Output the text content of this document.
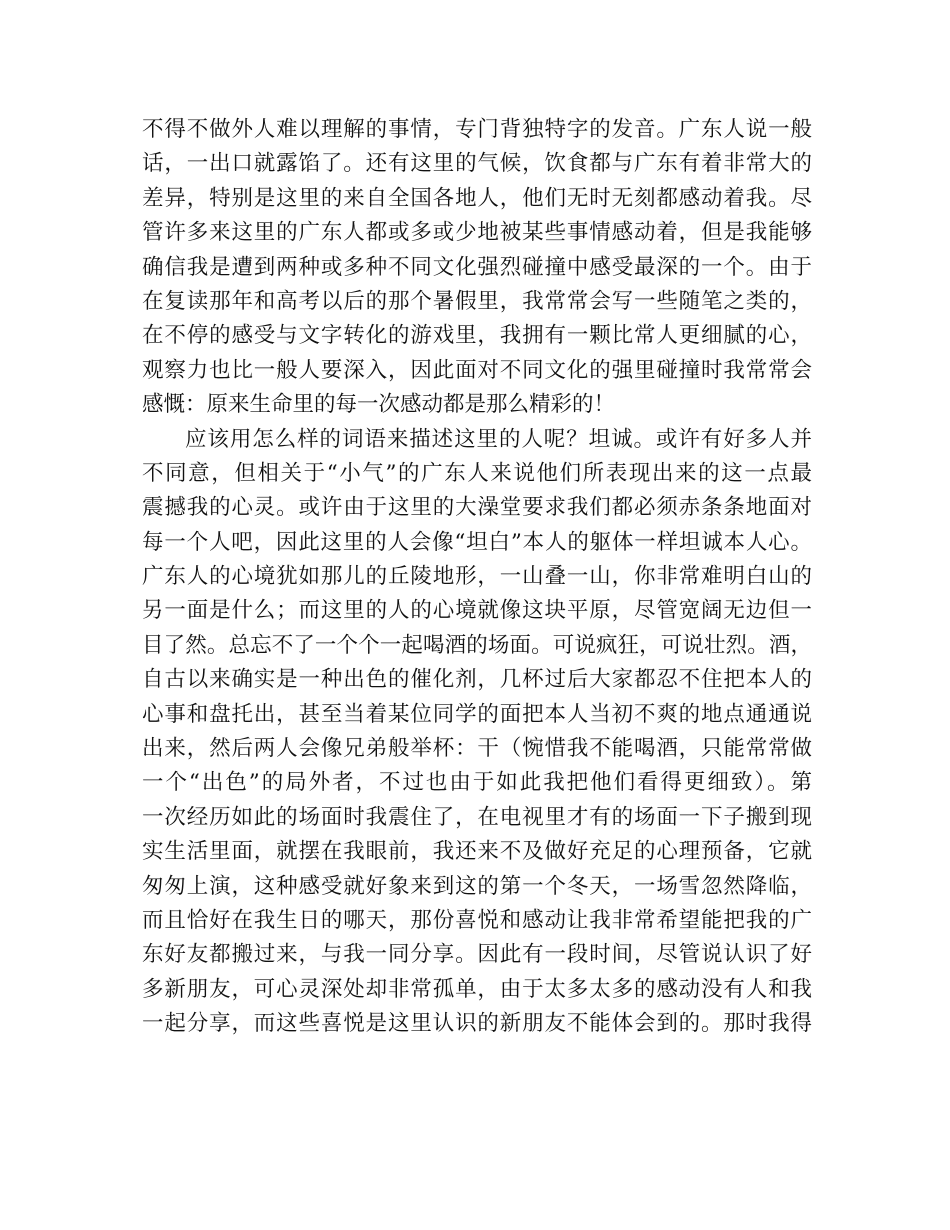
不得不做外人难以理解的事情，专门背独特字的发音。广东人说一般
话，一出口就露馅了。还有这里的气候，饮食都与广东有着非常大的
差异，特别是这里的来自全国各地人，他们无时无刻都感动着我。尽
管许多来这里的广东人都或多或少地被某些事情感动着，但是我能够
确信我是遭到两种或多种不同文化强烈碰撞中感受最深的一个。由于
在复读那年和高考以后的那个暑假里，我常常会写一些随笔之类的，
在不停的感受与文字转化的游戏里，我拥有一颗比常人更细腻的心，
观察力也比一般人要深入，因此面对不同文化的强里碰撞时我常常会
感慨：原来生命里的每一次感动都是那么精彩的！
应该用怎么样的词语来描述这里的人呢？坦诚。或许有好多人并
不同意，但相关于“小气”的广东人来说他们所表现出来的这一点最
震撼我的心灵。或许由于这里的大澡堂要求我们都必须赤条条地面对
每一个人吧，因此这里的人会像“坦白”本人的躯体一样坦诚本人心。
广东人的心境犹如那儿的丘陵地形，一山叠一山，你非常难明白山的
另一面是什么；而这里的人的心境就像这块平原，尽管宽阔无边但一
目了然。总忘不了一个个一起喝酒的场面。可说疯狂，可说壮烈。酒，
自古以来确实是一种出色的催化剂，几杯过后大家都忍不住把本人的
心事和盘托出，甚至当着某位同学的面把本人当初不爽的地点通通说
出来，然后两人会像兄弟般举杯：干（惋惜我不能喝酒，只能常常做
一个“出色”的局外者，不过也由于如此我把他们看得更细致）。第
一次经历如此的场面时我震住了，在电视里才有的场面一下子搬到现
实生活里面，就摆在我眼前，我还来不及做好充足的心理预备，它就
匆匆上演，这种感受就好象来到这的第一个冬天，一场雪忽然降临，
而且恰好在我生日的哪天，那份喜悦和感动让我非常希望能把我的广
东好友都搬过来，与我一同分享。因此有一段时间，尽管说认识了好
多新朋友，可心灵深处却非常孤单，由于太多太多的感动没有人和我
一起分享，而这些喜悦是这里认识的新朋友不能体会到的。那时我得
